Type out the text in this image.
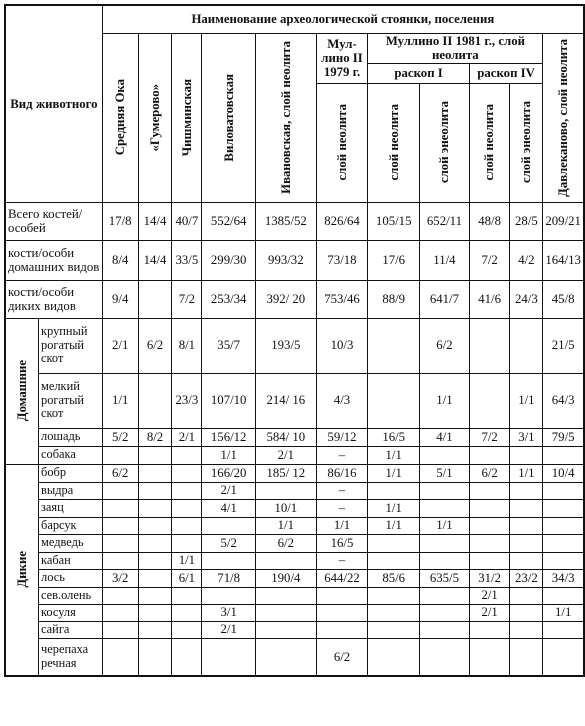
Вид животного		Наименование археологической стоянки, поселения										

		Средняя Ока	«Гумерово»	Чишминская	Виловатовская	Ивановская, слой неолита	Мул-лино II 1979 г.	Муллино II 1981 г., слой неолита				Давлеканово, слой неолита

								раскоп I		раскоп IV		

							слой неолита	слой неолита	слой энеолита	слой неолита	слой энеолита	

Всего костей/особей		17/8	14/4	40/7	552/64	1385/52	826/64	105/15	652/11	48/8	28/5	209/21
кости/особи домашних видов		8/4	14/4	33/5	299/30	993/32	73/18	17/6	11/4	7/2	4/2	164/13
кости/особи диких видов		9/4		7/2	253/34	392/ 20	753/46	88/9	641/7	41/6	24/3	45/8

Домашние	крупный рогатый скот	2/1	6/2	8/1	35/7	193/5	10/3		6/2			21/5
	мелкий рогатый скот	1/1		23/3	107/10	214/ 16	4/3		1/1		1/1	64/3
	лошадь	5/2	8/2	2/1	156/12	584/ 10	59/12	16/5	4/1	7/2	3/1	79/5
	собака				1/1	2/1	–	1/1				

Дикие	бобр	6/2			166/20	185/ 12	86/16	1/1	5/1	6/2	1/1	10/4
	выдра				2/1		–					
	заяц				4/1	10/1	–	1/1				
	барсук					1/1	1/1	1/1	1/1			
	медведь				5/2	6/2	16/5					
	кабан			1/1			–					
	лось	3/2		6/1	71/8	190/4	644/22	85/6	635/5	31/2	23/2	34/3
	сев.олень									2/1		
	косуля				3/1					2/1		1/1
	сайга				2/1							
	черепаха речная						6/2					
